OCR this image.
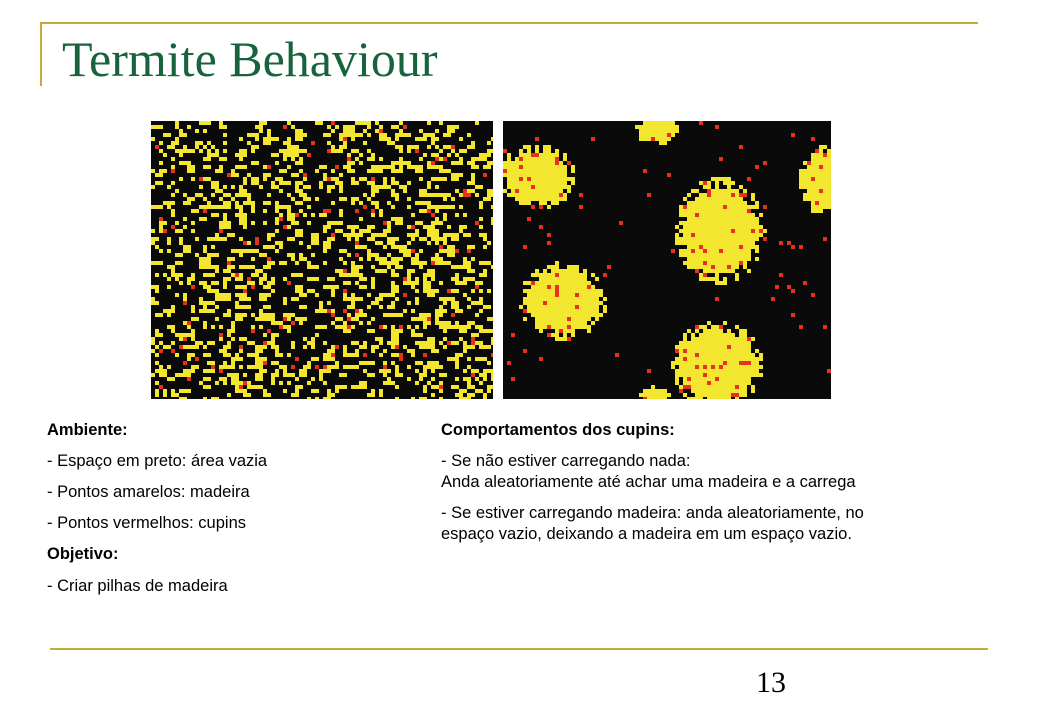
Termite Behaviour

Ambiente:

- Espaço em preto: área vazia

- Pontos amarelos: madeira

- Pontos vermelhos: cupins

Objetivo:

- Criar pilhas de madeira

Comportamentos dos cupins:

- Se não estiver carregando nada:
Anda aleatoriamente até achar uma madeira e a carrega

- Se estiver carregando madeira: anda aleatoriamente, no espaço vazio, deixando a madeira em um espaço vazio.

13
